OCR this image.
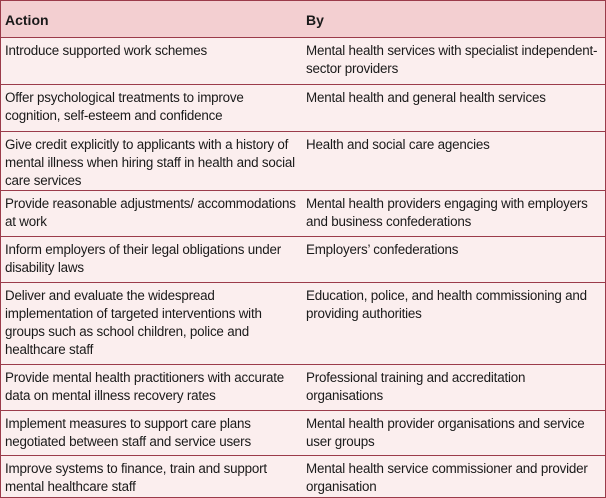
Action	By
Introduce supported work schemes	Mental health services with specialist independent-sector providers
Offer psychological treatments to improve cognition, self-esteem and confidence
Mental health and general health services
Give credit explicitly to applicants with a history of mental illness when hiring staff in health and social care services
Health and social care agencies
Provide reasonable adjustments/ accommodations at work
Mental health providers engaging with employers and business confederations
Inform employers of their legal obligations under disability laws
Employers’ confederations
Deliver and evaluate the widespread implementation of targeted interventions with groups such as school children, police and healthcare staff
Education, police, and health commissioning and providing authorities
Provide mental health practitioners with accurate data on mental illness recovery rates
Professional training and accreditation organisations
Implement measures to support care plans negotiated between staff and service users
Mental health provider organisations and service user groups
Improve systems to finance, train and support mental healthcare staff
Mental health service commissioner and provider organisation
